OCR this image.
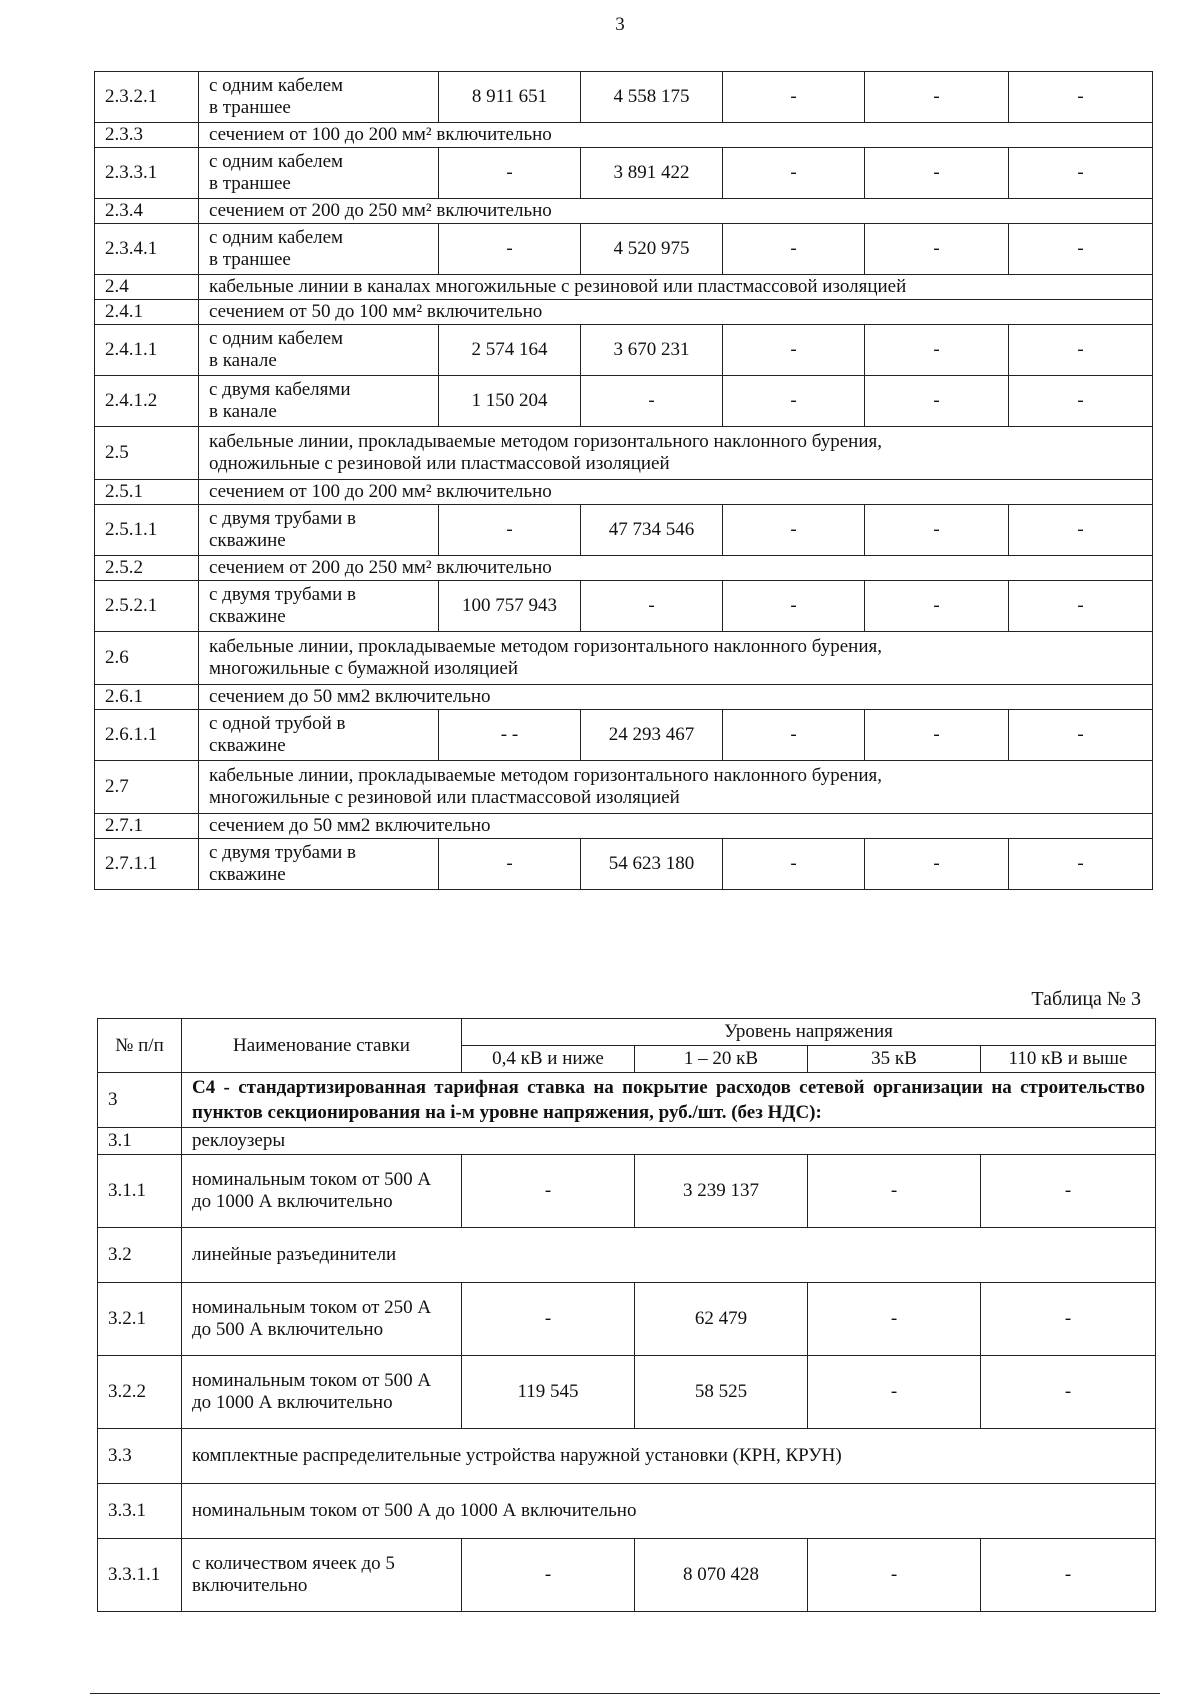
3
2.3.2.1	с одним кабелем
в траншее	8 911 651	4 558 175	-	-	-
2.3.3	сечением от 100 до 200 мм² включительно					
2.3.3.1	с одним кабелем
в траншее	-	3 891 422	-	-	-
2.3.4	сечением от 200 до 250 мм² включительно					
2.3.4.1	с одним кабелем
в траншее	-	4 520 975	-	-	-
2.4	кабельные линии в каналах многожильные с резиновой или пластмассовой изоляцией					
2.4.1	сечением от 50 до 100 мм² включительно					
2.4.1.1	с одним кабелем
в канале	2 574 164	3 670 231	-	-	-
2.4.1.2	с двумя кабелями
в канале	1 150 204	-	-	-	-
2.5	кабельные линии, прокладываемые методом горизонтального наклонного бурения,
одножильные с резиновой или пластмассовой изоляцией					

2.5.1	сечением от 100 до 200 мм² включительно					
2.5.1.1	с двумя трубами в
скважине	-	47 734 546	-	-	-
2.5.2	сечением от 200 до 250 мм² включительно					
2.5.2.1	с двумя трубами в
скважине	100 757 943	-	-	-	-
2.6	кабельные линии, прокладываемые методом горизонтального наклонного бурения,
многожильные с бумажной изоляцией					

2.6.1	сечением до 50 мм2 включительно					
2.6.1.1	с одной трубой в
скважине	- -	24 293 467	-	-	-
2.7	кабельные линии, прокладываемые методом горизонтального наклонного бурения,
многожильные с резиновой или пластмассовой изоляцией					

2.7.1	сечением до 50 мм2 включительно					
2.7.1.1	с двумя трубами в
скважине	-	54 623 180	-	-	-
Таблица № 3
№ п/п	Наименование ставки	Уровень напряжения			
		0,4 кВ и ниже	1 – 20 кВ	35 кВ	110 кВ и выше
3	С4 - стандартизированная тарифная ставка на покрытие расходов сетевой организации на строительство пунктов секционирования на i-м уровне напряжения, руб./шт. (без НДС):				
3.1	реклоузеры				
3.1.1	номинальным током от 500 А до 1000 А включительно	-	3 239 137	-	-
3.2	линейные разъединители				
3.2.1	номинальным током от 250 А до 500 А включительно	-	62 479	-	-
3.2.2	номинальным током от 500 А до 1000 А включительно	119 545	58 525	-	-
3.3	комплектные распределительные устройства наружной установки (КРН, КРУН)				
3.3.1	номинальным током от 500 А до 1000 А включительно				
3.3.1.1	с количеством ячеек до 5 включительно	-	8 070 428	-	-
